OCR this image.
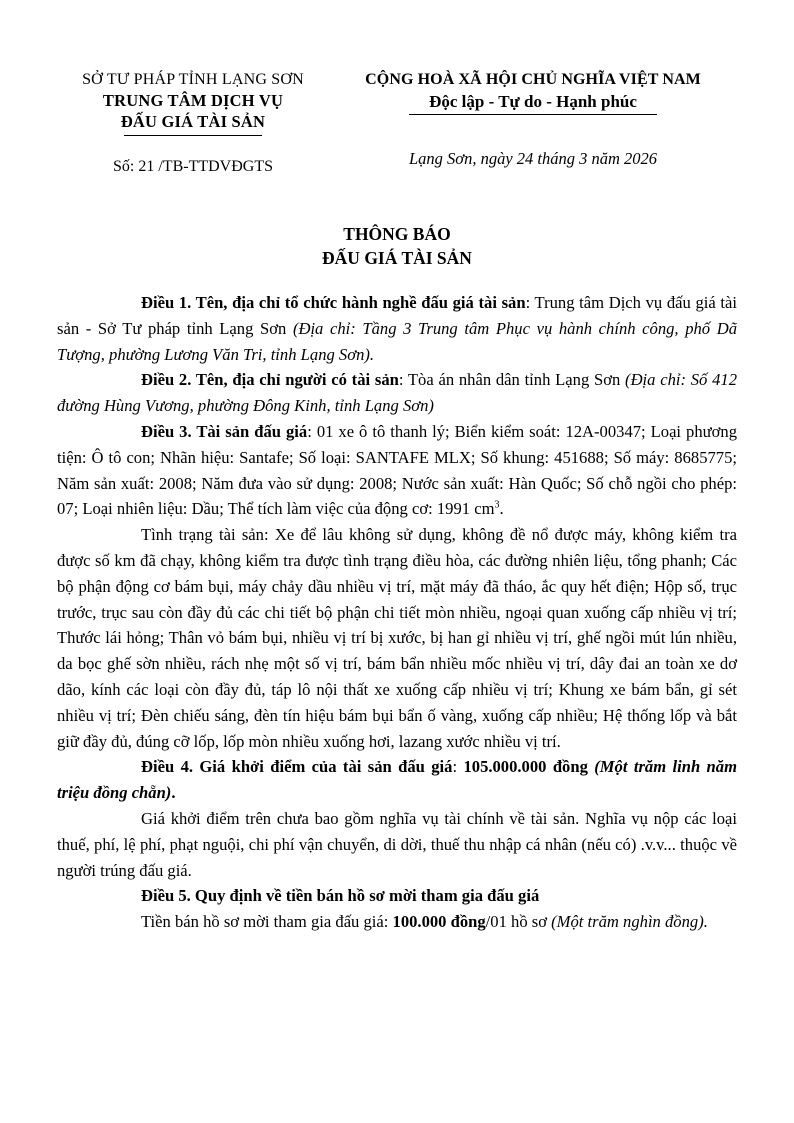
SỞ TƯ PHÁP TỈNH LẠNG SƠN
TRUNG TÂM DỊCH VỤ
ĐẤU GIÁ TÀI SẢN
Số: 21 /TB-TTDVĐGTS
CỘNG HOÀ XÃ HỘI CHỦ NGHĨA VIỆT NAM
Độc lập - Tự do - Hạnh phúc
Lạng Sơn, ngày 24 tháng 3 năm 2026
THÔNG BÁO
ĐẤU GIÁ TÀI SẢN

Điều 1. Tên, địa chỉ tổ chức hành nghề đấu giá tài sản: Trung tâm Dịch vụ đấu giá tài sản - Sở Tư pháp tỉnh Lạng Sơn (Địa chỉ: Tầng 3 Trung tâm Phục vụ hành chính công, phố Dã Tượng, phường Lương Văn Tri, tỉnh Lạng Sơn).

Điều 2. Tên, địa chỉ người có tài sản: Tòa án nhân dân tỉnh Lạng Sơn (Địa chỉ: Số 412 đường Hùng Vương, phường Đông Kinh, tỉnh Lạng Sơn)

Điều 3. Tài sản đấu giá: 01 xe ô tô thanh lý; Biển kiểm soát: 12A-00347; Loại phương tiện: Ô tô con; Nhãn hiệu: Santafe; Số loại: SANTAFE MLX; Số khung: 451688; Số máy: 8685775; Năm sản xuất: 2008; Năm đưa vào sử dụng: 2008; Nước sản xuất: Hàn Quốc; Số chỗ ngồi cho phép: 07; Loại nhiên liệu: Dầu; Thể tích làm việc của động cơ: 1991 $cm^3$.

Tình trạng tài sản: Xe để lâu không sử dụng, không đề nổ được máy, không kiểm tra được số km đã chạy, không kiểm tra được tình trạng điều hòa, các đường nhiên liệu, tổng phanh; Các bộ phận động cơ bám bụi, máy chảy dầu nhiều vị trí, mặt máy đã tháo, ắc quy hết điện; Hộp số, trục trước, trục sau còn đầy đủ các chi tiết bộ phận chi tiết mòn nhiều, ngoại quan xuống cấp nhiều vị trí; Thước lái hỏng; Thân vỏ bám bụi, nhiều vị trí bị xước, bị han gỉ nhiều vị trí, ghế ngồi mút lún nhiều, da bọc ghế sờn nhiều, rách nhẹ một số vị trí, bám bẩn nhiều mốc nhiều vị trí, dây đai an toàn xe dơ dão, kính các loại còn đầy đủ, táp lô nội thất xe xuống cấp nhiều vị trí; Khung xe bám bẩn, gỉ sét nhiều vị trí; Đèn chiếu sáng, đèn tín hiệu bám bụi bẩn ố vàng, xuống cấp nhiều; Hệ thống lốp và bắt giữ đầy đủ, đúng cỡ lốp, lốp mòn nhiều xuống hơi, lazang xước nhiều vị trí.

Điều 4. Giá khởi điểm của tài sản đấu giá: 105.000.000 đồng (Một trăm linh năm triệu đồng chẵn).

Giá khởi điểm trên chưa bao gồm nghĩa vụ tài chính về tài sản. Nghĩa vụ nộp các loại thuế, phí, lệ phí, phạt nguội, chi phí vận chuyển, di dời, thuế thu nhập cá nhân (nếu có) .v.v... thuộc về người trúng đấu giá.

Điều 5. Quy định về tiền bán hồ sơ mời tham gia đấu giá

Tiền bán hồ sơ mời tham gia đấu giá: 100.000 đồng/01 hồ sơ (Một trăm nghìn đồng).
